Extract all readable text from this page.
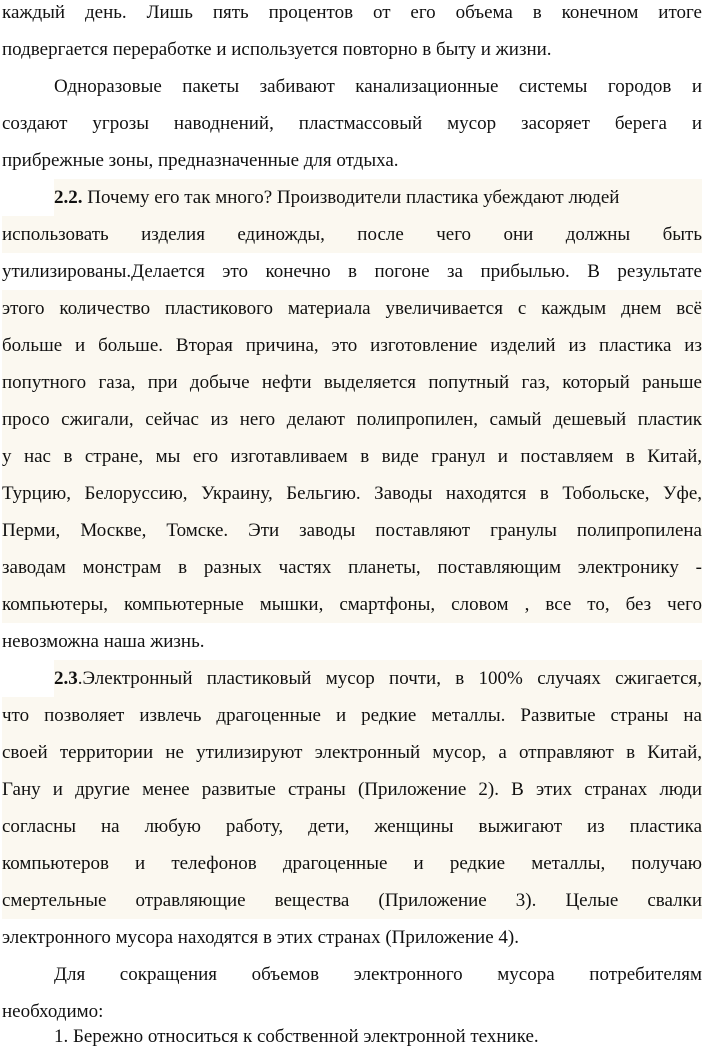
каждый день. Лишь пять процентов от его объема в конечном итоге
подвергается переработке и используется повторно в быту и жизни.
Одноразовые пакеты забивают канализационные системы городов и
создают угрозы наводнений, пластмассовый мусор засоряет берега и
прибрежные зоны, предназначенные для отдыха.
2.2. Почему его так много? Производители пластика убеждают людей
использовать изделия единожды, после чего они должны быть
утилизированы.Делается это конечно в погоне за прибылью. В результате
этого количество пластикового материала увеличивается с каждым днем всё
больше и больше. Вторая причина, это изготовление изделий из пластика из
попутного газа, при добыче нефти выделяется попутный газ, который раньше
просо сжигали, сейчас из него делают полипропилен, самый дешевый пластик
у нас в стране, мы его изготавливаем в виде гранул и поставляем в Китай,
Турцию, Белоруссию, Украину, Бельгию. Заводы находятся в Тобольске, Уфе,
Перми, Москве, Томске. Эти заводы поставляют гранулы полипропилена
заводам монстрам в разных частях планеты, поставляющим электронику -
компьютеры, компьютерные мышки, смартфоны, словом , все то, без чего
невозможна наша жизнь.
2.3.Электронный пластиковый мусор почти, в 100% случаях сжигается,
что позволяет извлечь драгоценные и редкие металлы. Развитые страны на
своей территории не утилизируют электронный мусор, а отправляют в Китай,
Гану и другие менее развитые страны (Приложение 2). В этих странах люди
согласны на любую работу, дети, женщины выжигают из пластика
компьютеров и телефонов драгоценные и редкие металлы, получаю
смертельные отравляющие вещества (Приложение 3). Целые свалки
электронного мусора находятся в этих странах (Приложение 4).
Для сокращения объемов электронного мусора потребителям
необходимо:
1. Бережно относиться к собственной электронной технике.
